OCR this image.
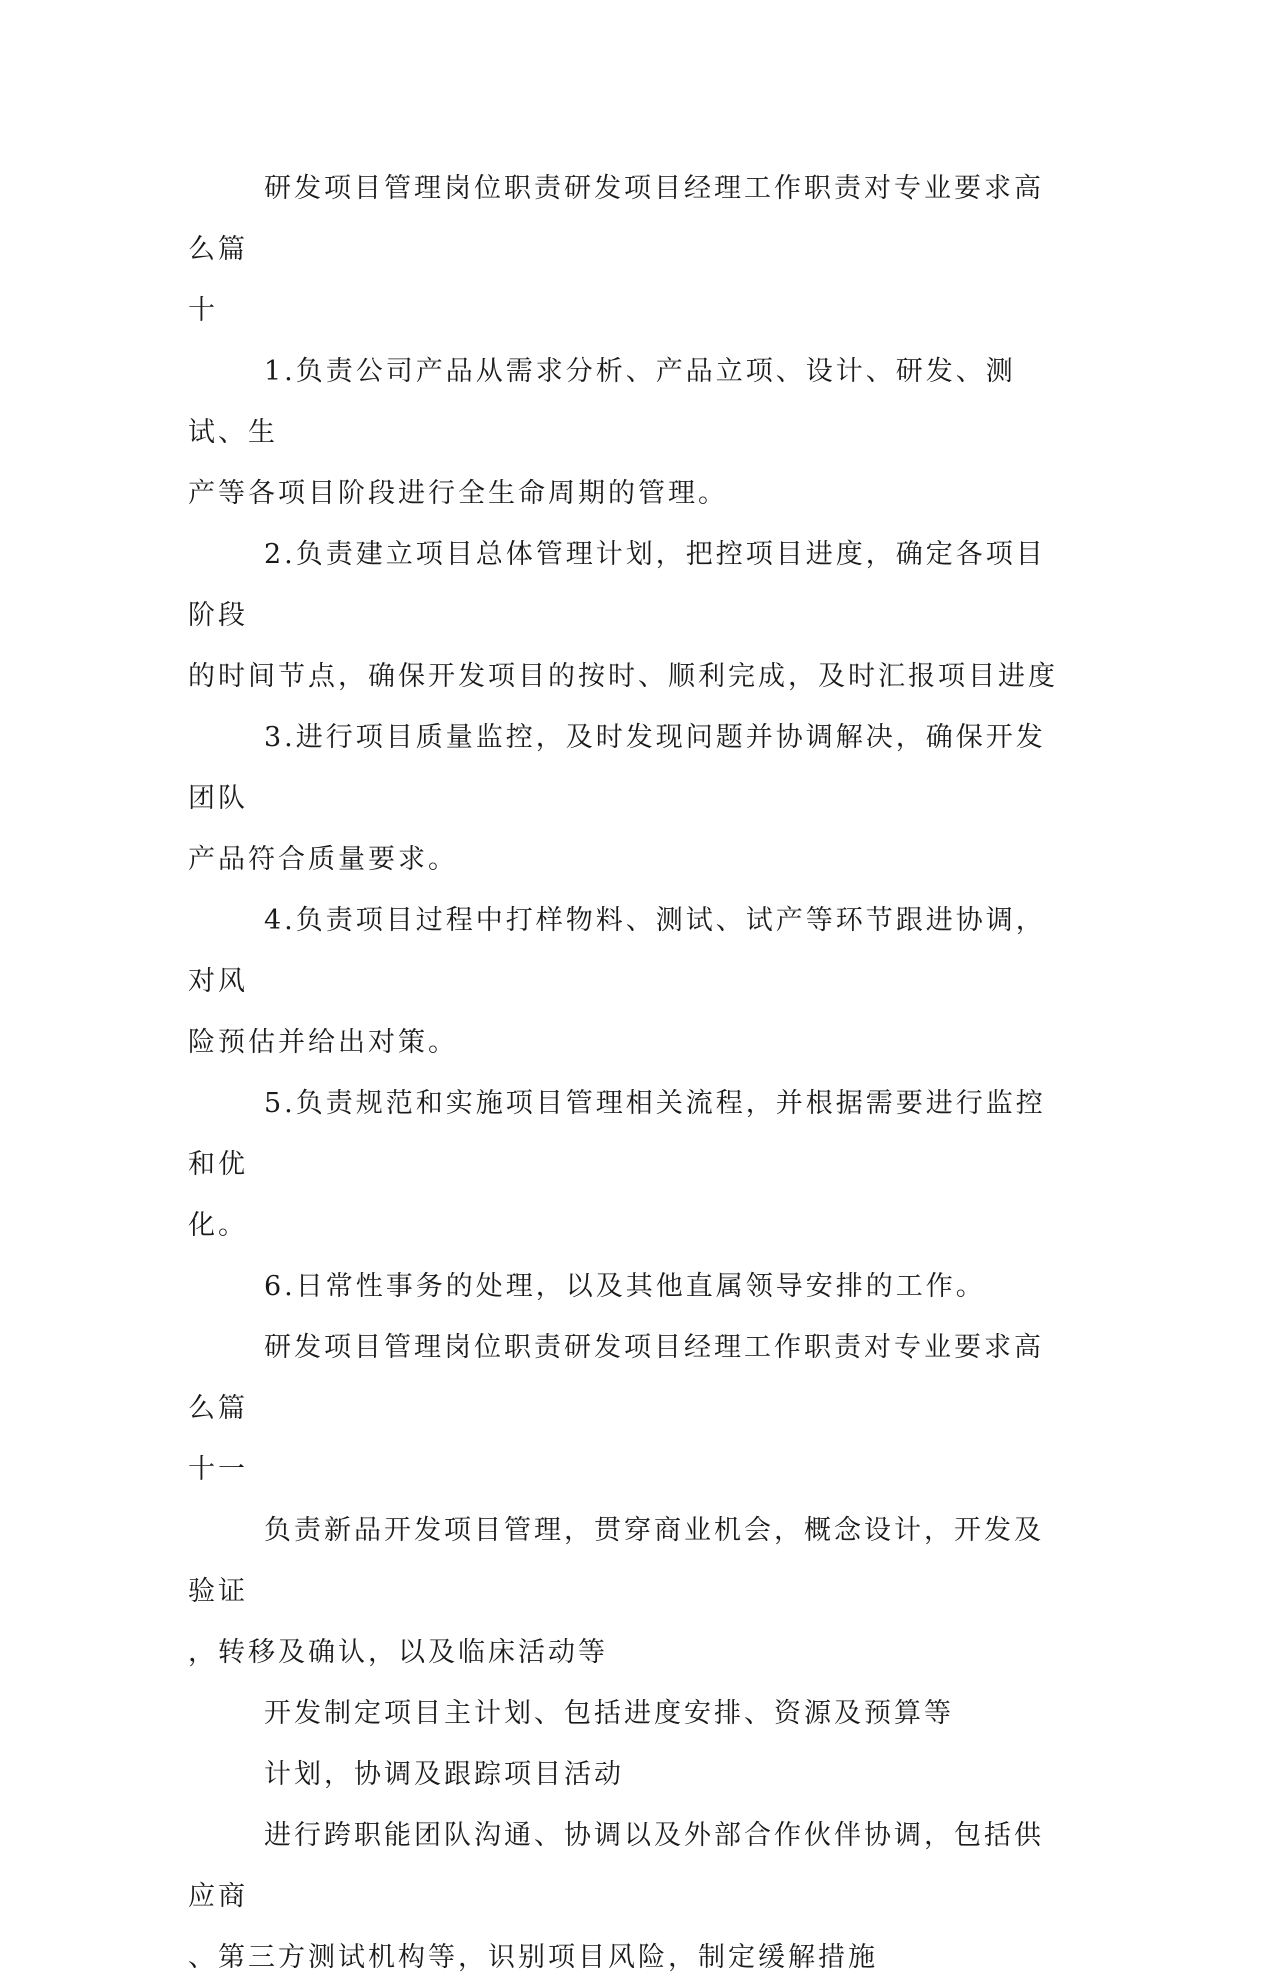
研发项目管理岗位职责研发项目经理工作职责对专业要求高么篇
十

1.负责公司产品从需求分析、产品立项、设计、研发、测试、生
产等各项目阶段进行全生命周期的管理。

2.负责建立项目总体管理计划，把控项目进度，确定各项目阶段
的时间节点，确保开发项目的按时、顺利完成，及时汇报项目进度

3.进行项目质量监控，及时发现问题并协调解决，确保开发团队
产品符合质量要求。

4.负责项目过程中打样物料、测试、试产等环节跟进协调，对风
险预估并给出对策。

5.负责规范和实施项目管理相关流程，并根据需要进行监控和优
化。

6.日常性事务的处理，以及其他直属领导安排的工作。

研发项目管理岗位职责研发项目经理工作职责对专业要求高么篇
十一

负责新品开发项目管理，贯穿商业机会，概念设计，开发及验证
，转移及确认，以及临床活动等

开发制定项目主计划、包括进度安排、资源及预算等

计划，协调及跟踪项目活动

进行跨职能团队沟通、协调以及外部合作伙伴协调，包括供应商
、第三方测试机构等，识别项目风险，制定缓解措施
